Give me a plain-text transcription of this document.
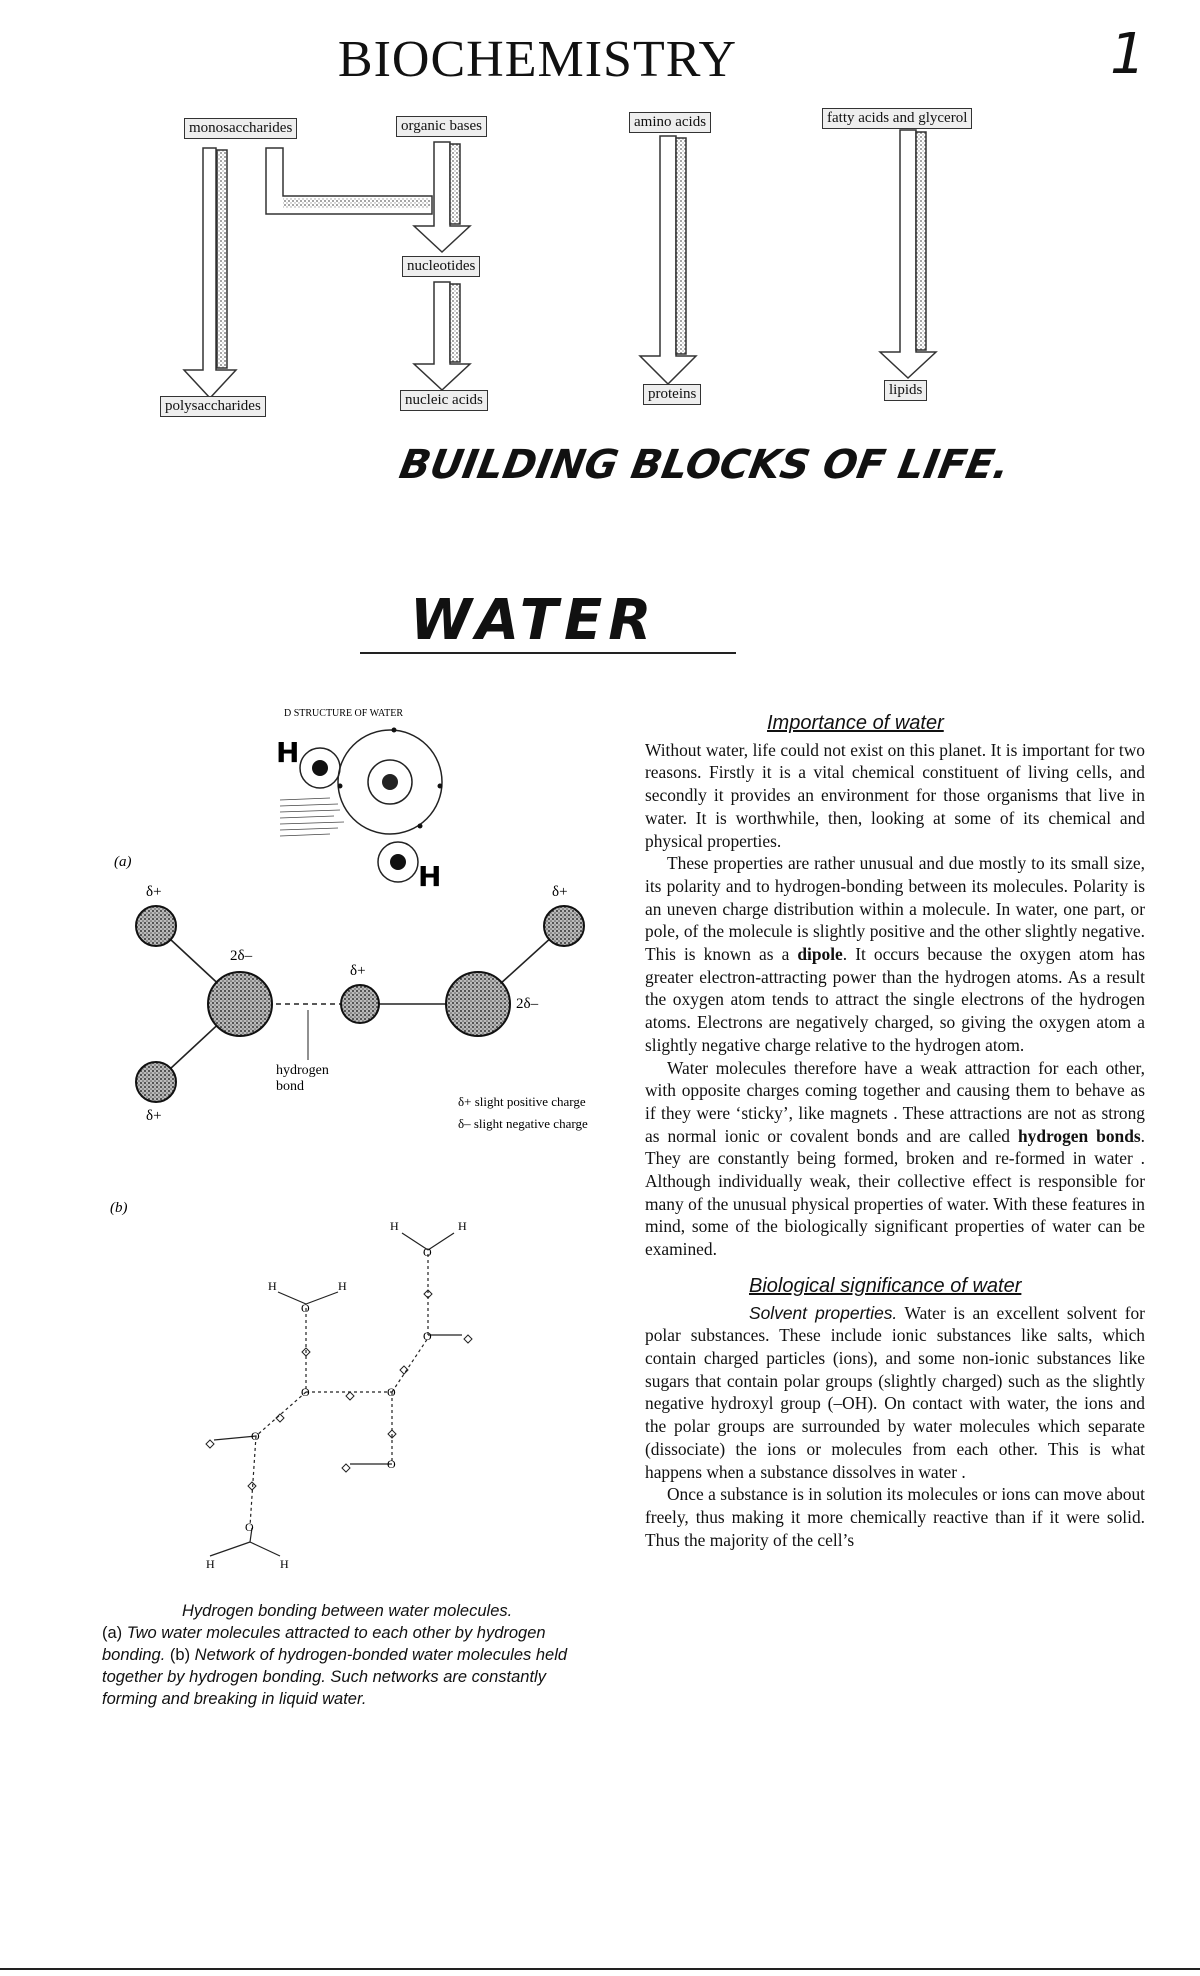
BIOCHEMISTRY	1
monosaccharides	organic bases	amino acids	fatty acids and glycerol
nucleotides
polysaccharides	nucleic acids	proteins	lipids
BUILDING BLOCKS OF LIFE.
WATER
D STRUCTURE OF WATER
H
H
(a)
δ+
δ+
δ+
δ+
2δ–
2δ–
hydrogen
bond
δ+ slight positive charge
δ– slight negative charge
(b)
H	H
O
H	H
O
O
O	O
O
O
O
H	H
Hydrogen bonding between water molecules.
(a) Two water molecules attracted to each other by hydrogen bonding. (b) Network of hydrogen-bonded water molecules held together by hydrogen bonding. Such networks are constantly forming and breaking in liquid water.
Importance of water

Without water, life could not exist on this planet. It is important for two reasons. Firstly it is a vital chemical constituent of living cells, and secondly it provides an environment for those organisms that live in water. It is worthwhile, then, looking at some of its chemical and physical properties.

These properties are rather unusual and due mostly to its small size, its polarity and to hydrogen-bonding between its molecules. Polarity is an uneven charge distribution within a molecule. In water, one part, or pole, of the molecule is slightly positive and the other slightly negative. This is known as a dipole. It occurs because the oxygen atom has greater electron-attracting power than the hydrogen atoms. As a result the oxygen atom tends to attract the single electrons of the hydrogen atoms. Electrons are negatively charged, so giving the oxygen atom a slightly negative charge relative to the hydrogen atom.

Water molecules therefore have a weak attraction for each other, with opposite charges coming together and causing them to behave as if they were ‘sticky’, like magnets . These attractions are not as strong as normal ionic or covalent bonds and are called hydrogen bonds. They are constantly being formed, broken and re-formed in water . Although individually weak, their collective effect is responsible for many of the unusual physical properties of water. With these features in mind, some of the biologically significant properties of water can be examined.

Biological significance of water

Solvent properties. Water is an excellent solvent for polar substances. These include ionic substances like salts, which contain charged particles (ions), and some non-ionic substances like sugars that contain polar groups (slightly charged) such as the slightly negative hydroxyl group (–OH). On contact with water, the ions and the polar groups are surrounded by water molecules which separate (dissociate) the ions or molecules from each other. This is what happens when a substance dissolves in water .

Once a substance is in solution its molecules or ions can move about freely, thus making it more chemically reactive than if it were solid. Thus the majority of the cell’s
